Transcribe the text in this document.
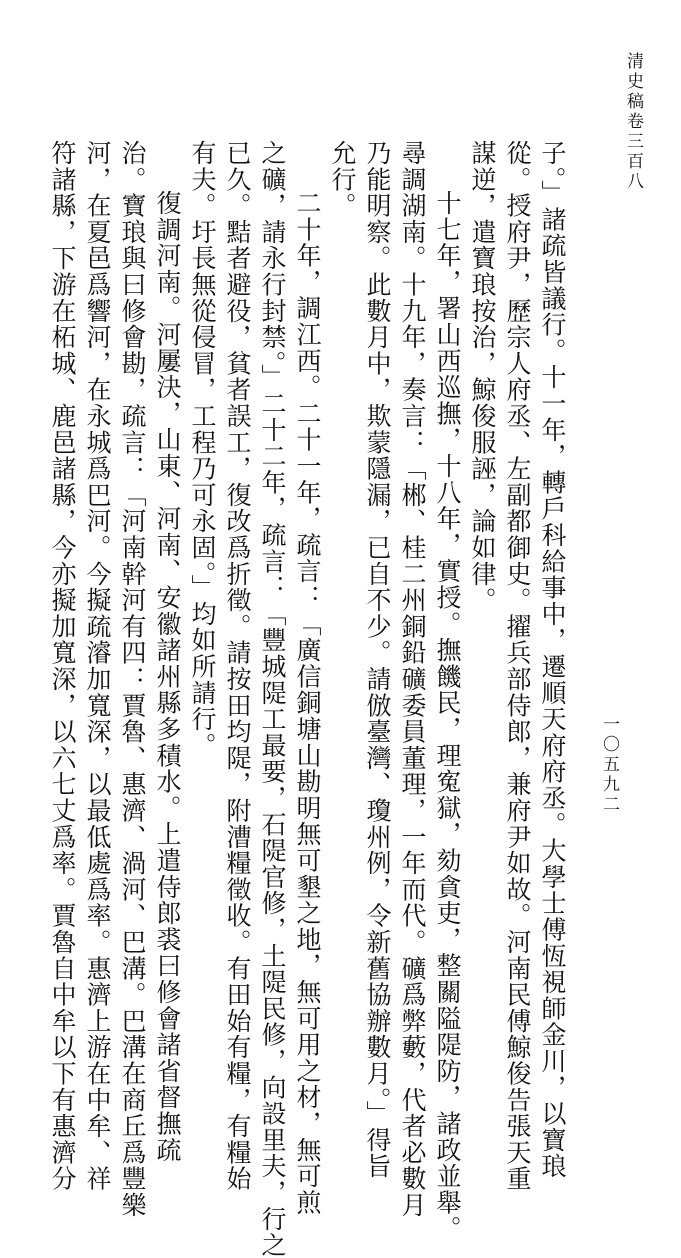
清史稿卷三百八
一〇五九二
子。」諸疏皆議行。十一年，轉戶科給事中，遷順天府府丞。大學士傅恆視師金川，以寶琅
從。授府尹，歷宗人府丞、左副都御史。擢兵部侍郎，兼府尹如故。河南民傅鯨俊告張天重
謀逆，遣寶琅按治，鯨俊服誣，論如律。
十七年，署山西巡撫，十八年，實授。撫饑民，理寃獄，劾貪吏，整關隘隄防，諸政並舉。
尋調湖南。十九年，奏言：「郴、桂二州銅鉛礦委員董理，一年而代。礦爲弊藪，代者必數月
乃能明察。此數月中，欺蒙隱漏，已自不少。請倣臺灣、瓊州例，令新舊協辦數月。」得旨
允行。
二十年，調江西。二十一年，疏言：「廣信銅塘山勘明無可墾之地，無可用之材，無可煎
之礦，請永行封禁。」二十二年，疏言：「豐城隄工最要，石隄官修，土隄民修，向設里夫，行之
已久。黠者避役，貧者誤工，復改爲折徵。請按田均隄，附漕糧徵收。有田始有糧，有糧始
有夫。圩長無從侵冒，工程乃可永固。」均如所請行。
復調河南。河屢決，山東、河南、安徽諸州縣多積水。上遣侍郎裘曰修會諸省督撫疏
治。寶琅與曰修會勘，疏言：「河南幹河有四：賈魯、惠濟、渦河、巴溝。巴溝在商丘爲豐樂
河，在夏邑爲響河，在永城爲巴河。今擬疏濬加寬深，以最低處爲率。惠濟上游在中牟、祥
符諸縣，下游在柘城、鹿邑諸縣，今亦擬加寬深，以六七丈爲率。賈魯自中牟以下有惠濟分
